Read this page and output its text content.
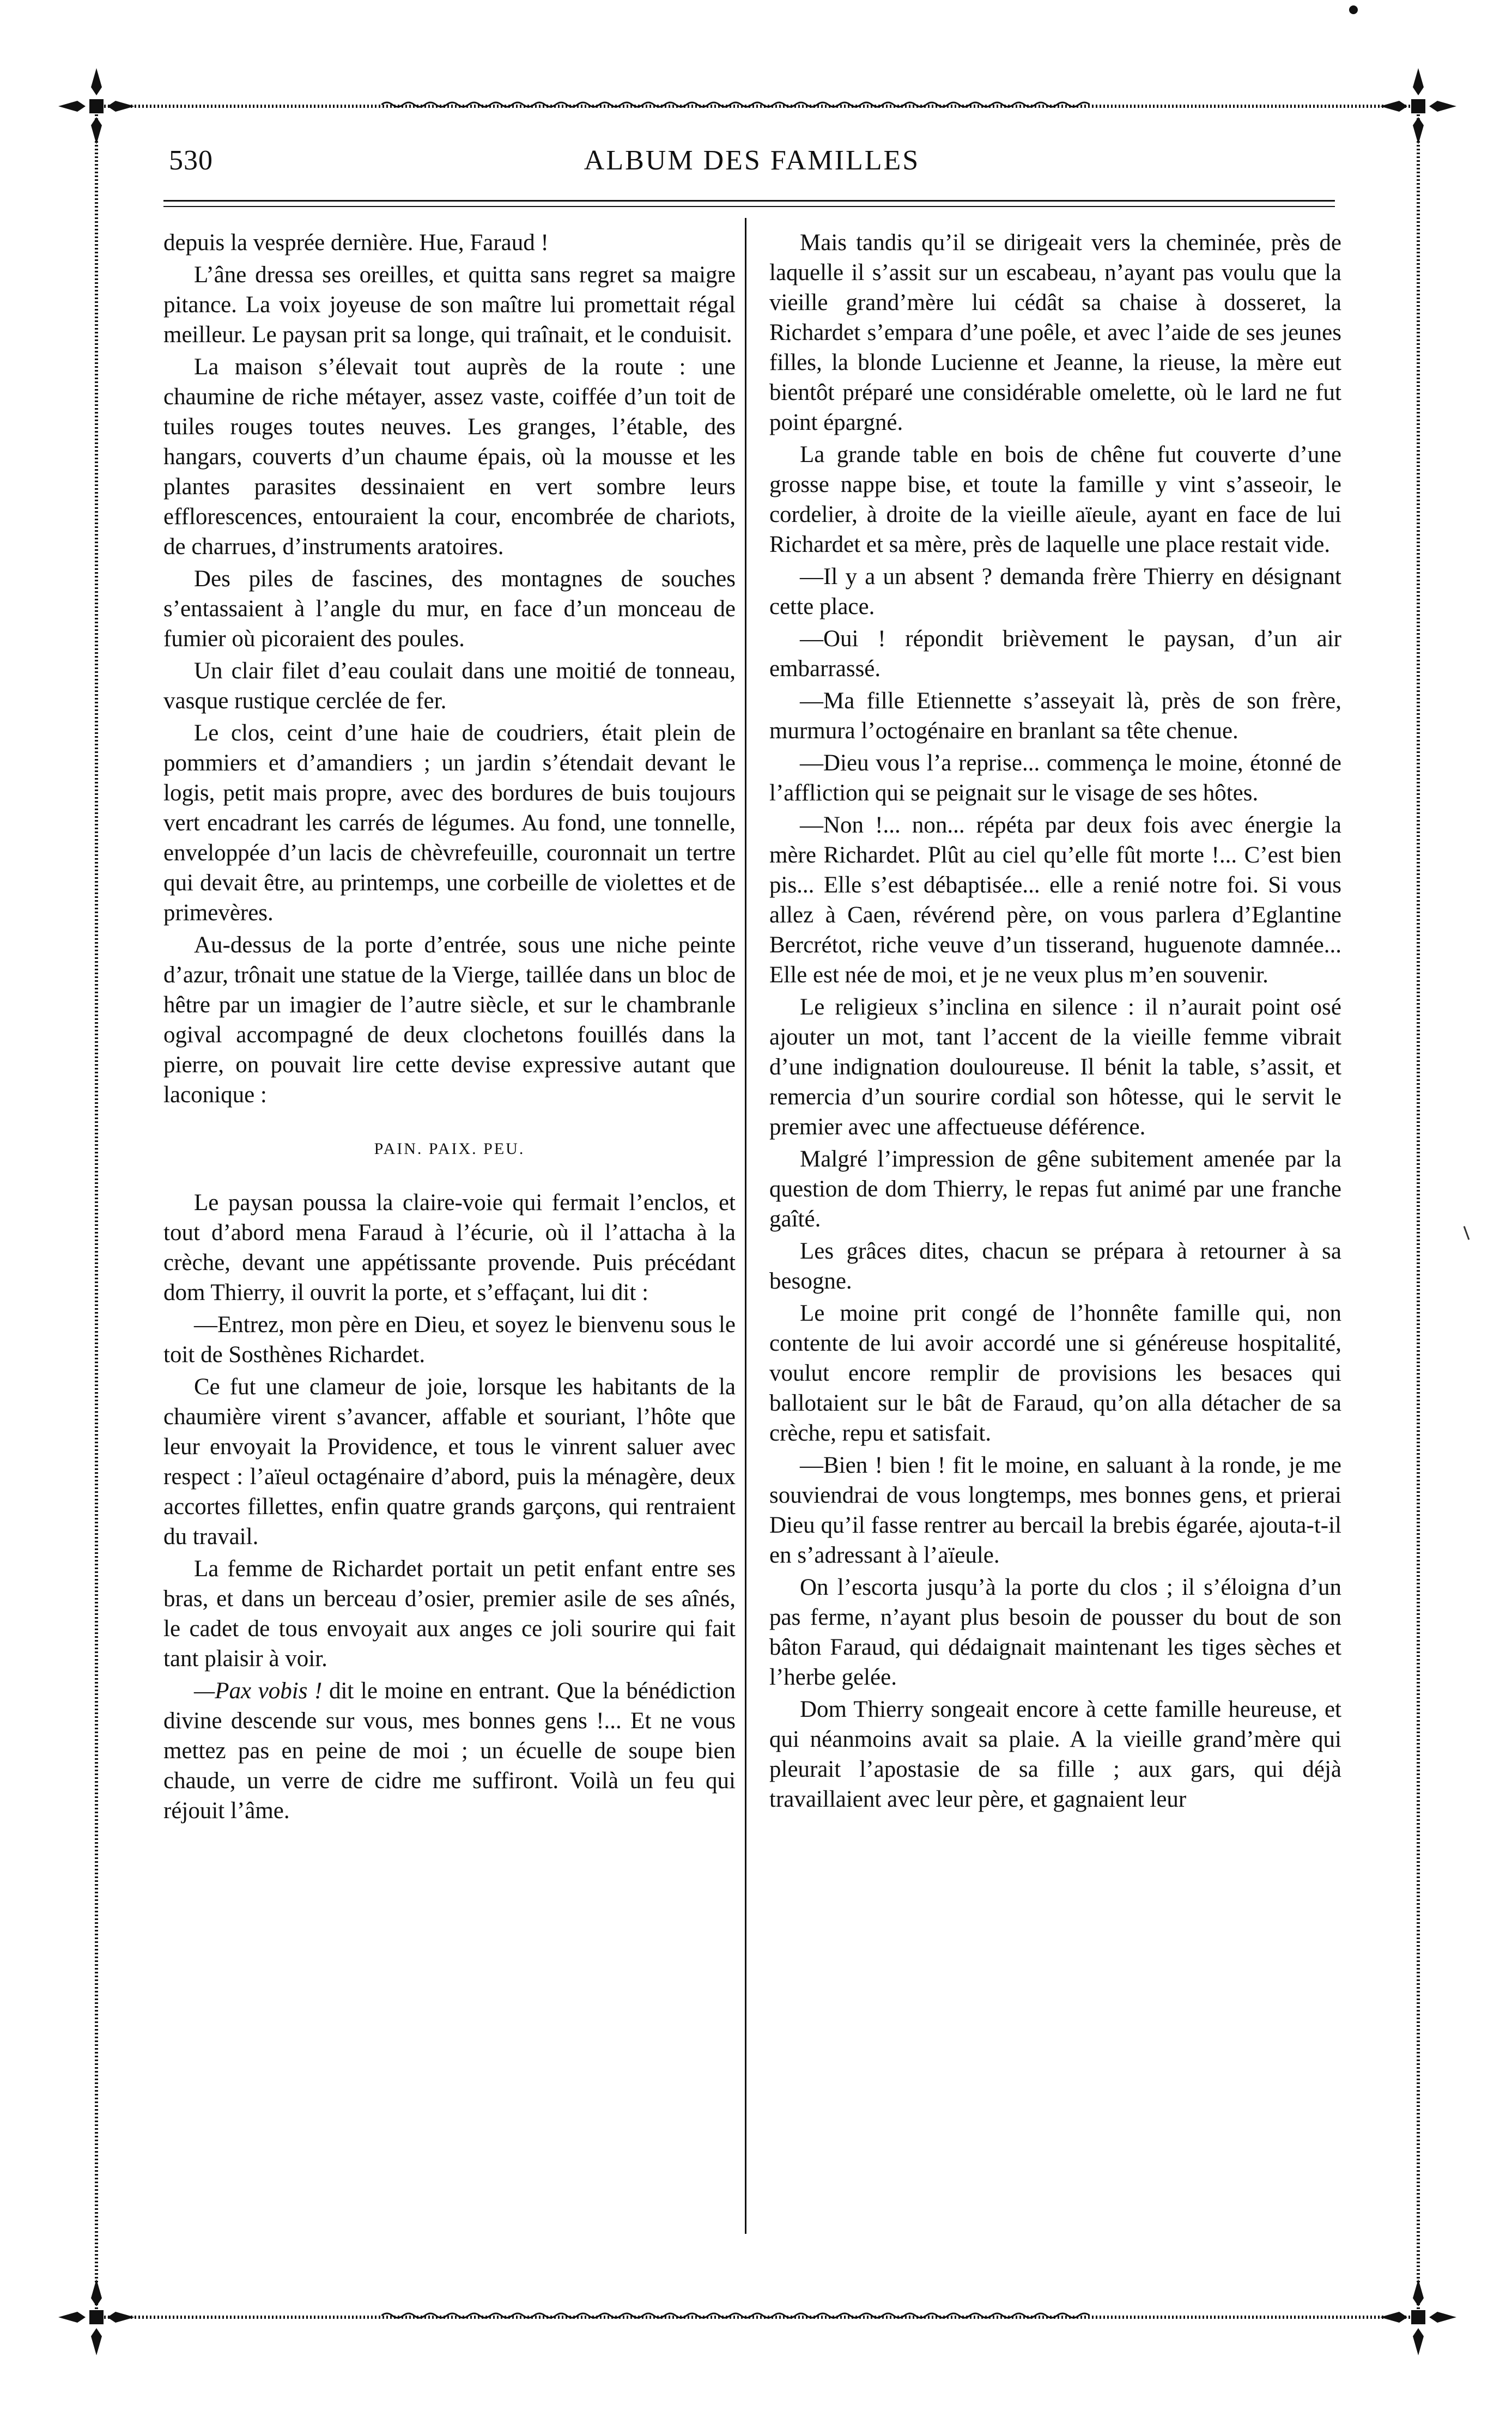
530	ALBUM DES FAMILLES

depuis la vesprée dernière. Hue, Faraud !

L’âne dressa ses oreilles, et quitta sans regret sa maigre pitance. La voix joyeuse de son maître lui promettait régal meilleur. Le paysan prit sa longe, qui traînait, et le conduisit.

La maison s’élevait tout auprès de la route : une chaumine de riche métayer, assez vaste, coiffée d’un toit de tuiles rouges toutes neuves. Les granges, l’étable, des hangars, couverts d’un chaume épais, où la mousse et les plantes parasites dessinaient en vert sombre leurs efflorescences, entouraient la cour, encombrée de chariots, de charrues, d’instruments aratoires.

Des piles de fascines, des montagnes de souches s’entassaient à l’angle du mur, en face d’un monceau de fumier où picoraient des poules.

Un clair filet d’eau coulait dans une moitié de tonneau, vasque rustique cerclée de fer.

Le clos, ceint d’une haie de coudriers, était plein de pommiers et d’amandiers ; un jardin s’étendait devant le logis, petit mais propre, avec des bordures de buis toujours vert encadrant les carrés de légumes. Au fond, une tonnelle, enveloppée d’un lacis de chèvrefeuille, couronnait un tertre qui devait être, au printemps, une corbeille de violettes et de primevères.

Au-dessus de la porte d’entrée, sous une niche peinte d’azur, trônait une statue de la Vierge, taillée dans un bloc de hêtre par un imagier de l’autre siècle, et sur le chambranle ogival accompagné de deux clochetons fouillés dans la pierre, on pouvait lire cette devise expressive autant que laconique :

PAIN. PAIX. PEU.

Le paysan poussa la claire-voie qui fermait l’enclos, et tout d’abord mena Faraud à l’écurie, où il l’attacha à la crèche, devant une appétissante provende. Puis précédant dom Thierry, il ouvrit la porte, et s’effaçant, lui dit :

—Entrez, mon père en Dieu, et soyez le bienvenu sous le toit de Sosthènes Richardet.

Ce fut une clameur de joie, lorsque les habitants de la chaumière virent s’avancer, affable et souriant, l’hôte que leur envoyait la Providence, et tous le vinrent saluer avec respect : l’aïeul octagénaire d’abord, puis la ménagère, deux accortes fillettes, enfin quatre grands garçons, qui rentraient du travail.

La femme de Richardet portait un petit enfant entre ses bras, et dans un berceau d’osier, premier asile de ses aînés, le cadet de tous envoyait aux anges ce joli sourire qui fait tant plaisir à voir.

—Pax vobis ! dit le moine en entrant. Que la bénédiction divine descende sur vous, mes bonnes gens !... Et ne vous mettez pas en peine de moi ; un écuelle de soupe bien chaude, un verre de cidre me suffiront. Voilà un feu qui réjouit l’âme.

Mais tandis qu’il se dirigeait vers la cheminée, près de laquelle il s’assit sur un escabeau, n’ayant pas voulu que la vieille grand’mère lui cédât sa chaise à dosseret, la Richardet s’empara d’une poêle, et avec l’aide de ses jeunes filles, la blonde Lucienne et Jeanne, la rieuse, la mère eut bientôt préparé une considérable omelette, où le lard ne fut point épargné.

La grande table en bois de chêne fut couverte d’une grosse nappe bise, et toute la famille y vint s’asseoir, le cordelier, à droite de la vieille aïeule, ayant en face de lui Richardet et sa mère, près de laquelle une place restait vide.

—Il y a un absent ? demanda frère Thierry en désignant cette place.

—Oui ! répondit brièvement le paysan, d’un air embarrassé.

—Ma fille Etiennette s’asseyait là, près de son frère, murmura l’octogénaire en branlant sa tête chenue.

—Dieu vous l’a reprise... commença le moine, étonné de l’affliction qui se peignait sur le visage de ses hôtes.

—Non !... non... répéta par deux fois avec énergie la mère Richardet. Plût au ciel qu’elle fût morte !... C’est bien pis... Elle s’est débaptisée... elle a renié notre foi. Si vous allez à Caen, révérend père, on vous parlera d’Eglantine Bercrétot, riche veuve d’un tisserand, huguenote damnée... Elle est née de moi, et je ne veux plus m’en souvenir.

Le religieux s’inclina en silence : il n’aurait point osé ajouter un mot, tant l’accent de la vieille femme vibrait d’une indignation douloureuse. Il bénit la table, s’assit, et remercia d’un sourire cordial son hôtesse, qui le servit le premier avec une affectueuse déférence.

Malgré l’impression de gêne subitement amenée par la question de dom Thierry, le repas fut animé par une franche gaîté.

Les grâces dites, chacun se prépara à retourner à sa besogne.

Le moine prit congé de l’honnête famille qui, non contente de lui avoir accordé une si généreuse hospitalité, voulut encore remplir de provisions les besaces qui ballotaient sur le bât de Faraud, qu’on alla détacher de sa crèche, repu et satisfait.

—Bien ! bien ! fit le moine, en saluant à la ronde, je me souviendrai de vous longtemps, mes bonnes gens, et prierai Dieu qu’il fasse rentrer au bercail la brebis égarée, ajouta-t-il en s’adressant à l’aïeule.

On l’escorta jusqu’à la porte du clos ; il s’éloigna d’un pas ferme, n’ayant plus besoin de pousser du bout de son bâton Faraud, qui dédaignait maintenant les tiges sèches et l’herbe gelée.

Dom Thierry songeait encore à cette famille heureuse, et qui néanmoins avait sa plaie. A la vieille grand’mère qui pleurait l’apostasie de sa fille ; aux gars, qui déjà travaillaient avec leur père, et gagnaient leur
